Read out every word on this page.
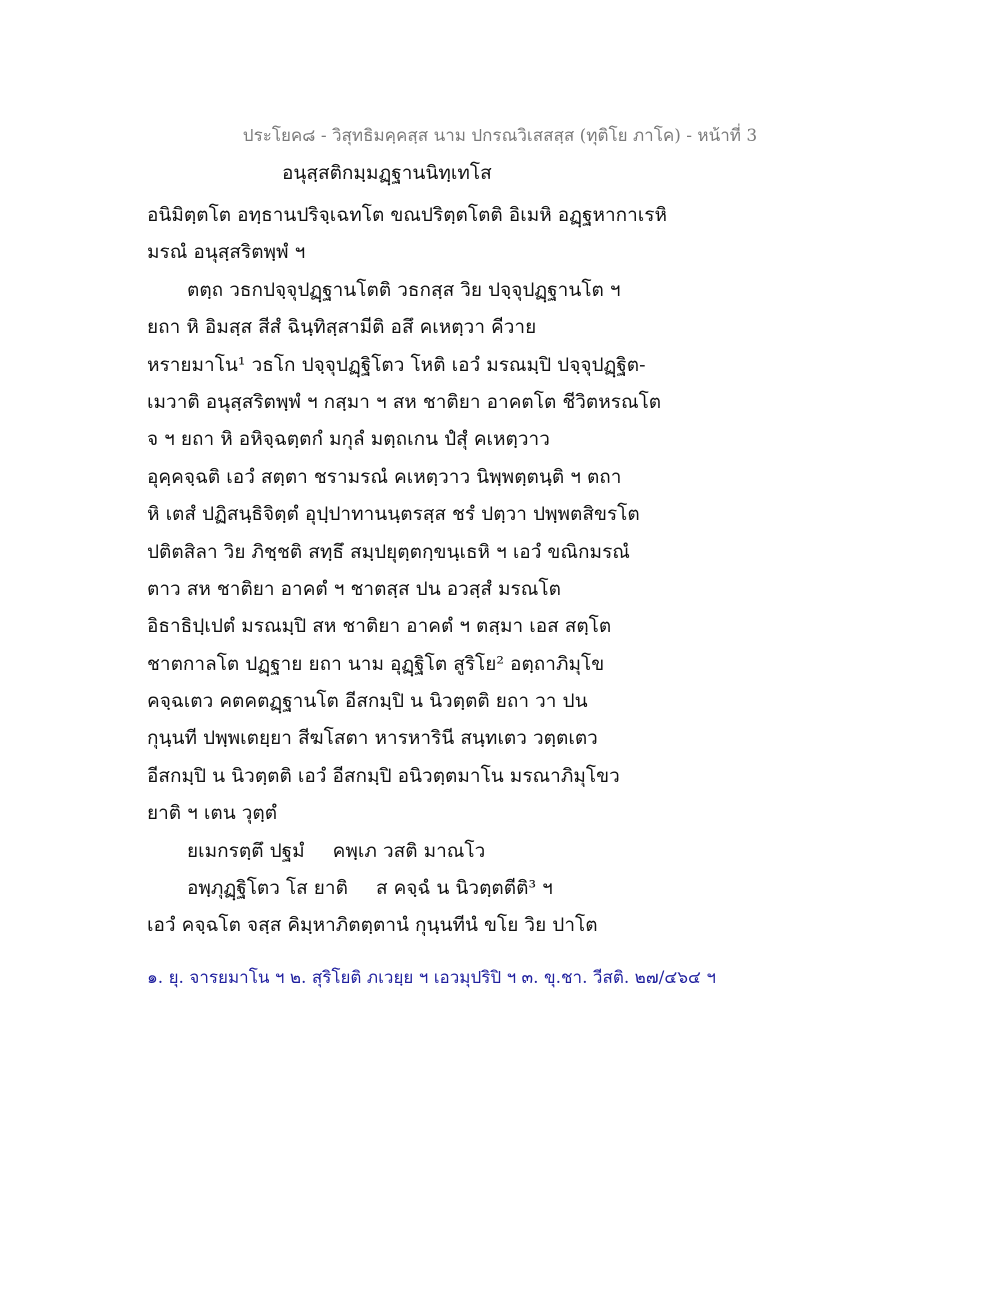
ประโยค๘ - วิสุทธิมคฺคสฺส นาม ปกรณวิเสสสฺส (ทุติโย ภาโค) - หน้าที่ 3
อนุสฺสติกมฺมฏฺฐานนิทฺเทโส
อนิมิตฺตโต อทฺธานปริจฺเฉทโต ขณปริตฺตโตติ อิเมหิ อฏฺฐหากาเรหิ
มรณํ อนุสฺสริตพฺพํ ฯ
ตตฺถ วธกปจฺจุปฏฺฐานโตติ วธกสฺส วิย ปจฺจุปฏฺฐานโต ฯ
ยถา หิ อิมสฺส สีสํ ฉินฺทิสฺสามีติ อสึ คเหตฺวา คีวาย
หรายมาโน¹ วธโก ปจฺจุปฏฺฐิโตว โหติ เอวํ มรณมฺปิ ปจฺจุปฏฺฐิต-
เมวาติ อนุสฺสริตพฺพํ ฯ กสฺมา ฯ สห ชาติยา อาคตโต ชีวิตหรณโต
จ ฯ ยถา หิ อหิจฺฉตฺตกํ มกุลํ มตฺถเกน ปํสุํ คเหตฺวาว
อุคฺคจฺฉติ เอวํ สตฺตา ชรามรณํ คเหตฺวาว นิพฺพตฺตนฺติ ฯ ตถา
หิ เตสํ ปฏิสนฺธิจิตฺตํ อุปฺปาทานนฺตรสฺส ชรํ ปตฺวา ปพฺพตสิขรโต
ปติตสิลา วิย ภิชฺชติ สทฺธึ สมฺปยุตฺตกฺขนฺเธหิ ฯ เอวํ ขณิกมรณํ
ตาว สห ชาติยา อาคตํ ฯ ชาตสฺส ปน อวสฺสํ มรณโต
อิธาธิปฺเปตํ มรณมฺปิ สห ชาติยา อาคตํ ฯ ตสฺมา เอส สตฺโต
ชาตกาลโต ปฏฺฐาย ยถา นาม อุฏฺฐิโต สูริโย² อตฺถาภิมุโข
คจฺฉเตว คตคตฏฺฐานโต อีสกมฺปิ น นิวตฺตติ ยถา วา ปน
กุนฺนที ปพฺพเตยฺยา สีฆโสตา หารหารินี สนฺทเตว วตฺตเตว
อีสกมฺปิ น นิวตฺตติ เอวํ อีสกมฺปิ อนิวตฺตมาโน มรณาภิมุโขว
ยาติ ฯ เตน วุตฺตํ
ยเมกรตฺตึ ปฐมํ คพฺเภ วสติ มาณโว
อพฺภุฏฺฐิโตว โส ยาติ ส คจฺฉํ น นิวตฺตตีติ³ ฯ
เอวํ คจฺฉโต จสฺส คิมฺหาภิตตฺตานํ กุนฺนทีนํ ขโย วิย ปาโต
๑. ยุ. จารยมาโน ฯ ๒. สุริโยติ ภเวยฺย ฯ เอวมุปริปิ ฯ ๓. ขุ.ชา. วีสติ. ๒๗/๔๖๔ ฯ
